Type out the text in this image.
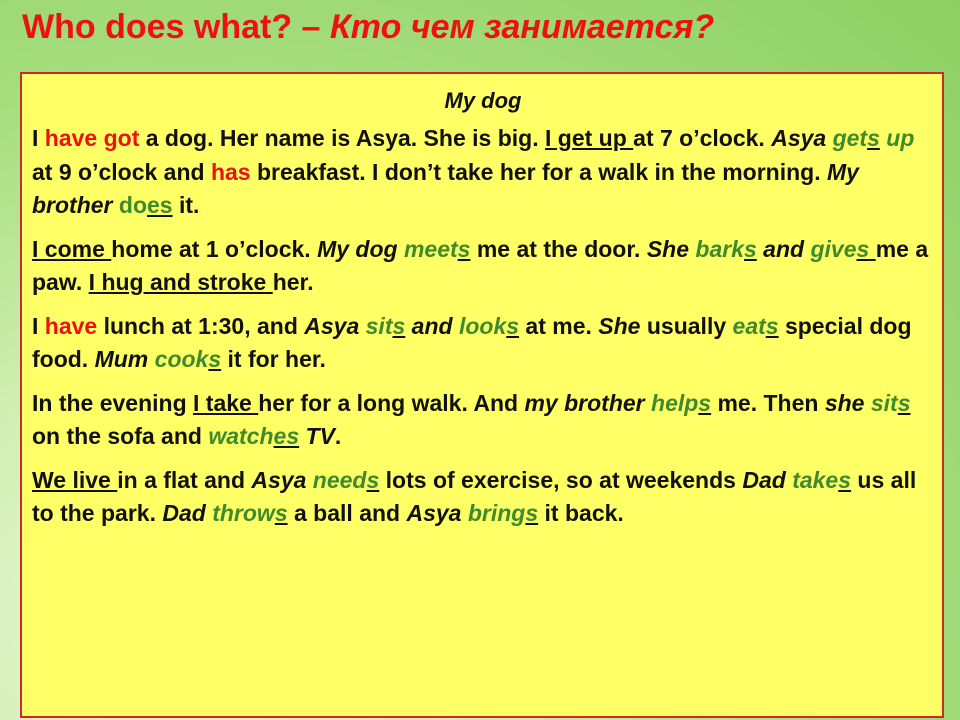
Who does what? – Кто чем занимается?
My dog

I have got a dog. Her name is Asya. She is big. I get up at 7 o’clock. Asya gets up at 9 o’clock and has breakfast. I don’t take her for a walk in the morning. My brother does it.

I come home at 1 o’clock. My dog meets me at the door. She barks and gives me a paw. I hug and stroke her.

I have lunch at 1:30, and Asya sits and looks at me. She usually eats special dog food. Mum cooks it for her.

In the evening I take her for a long walk. And my brother helps me. Then she sits on the sofa and watches TV.

We live in a flat and Asya needs lots of exercise, so at weekends Dad takes us all to the park. Dad throws a ball and Asya brings it back.
